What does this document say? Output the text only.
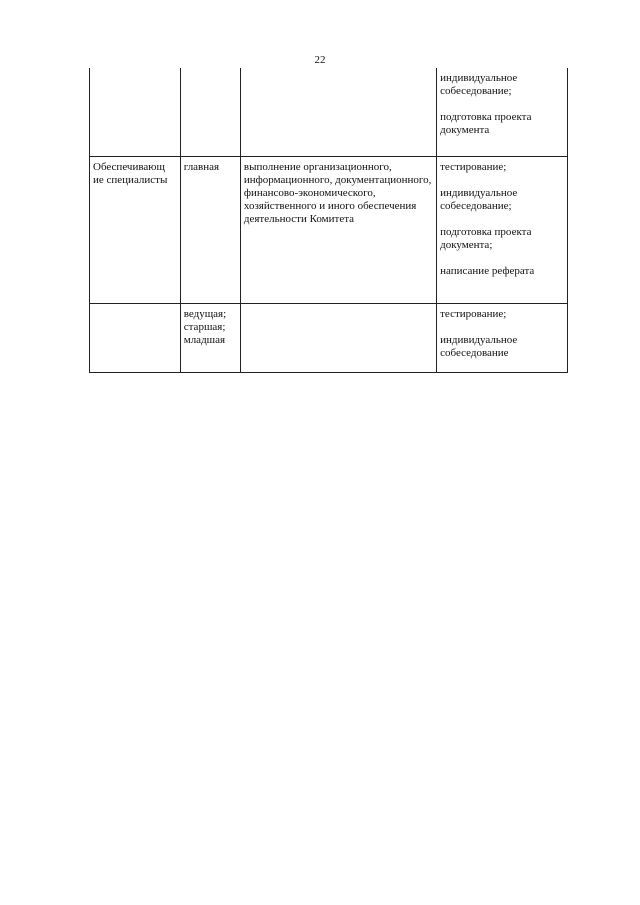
22

			индивидуальное собеседование;
подготовка проекта документа

Обеспечивающ ие специалисты	главная	выполнение организационного, информационного, документационного, финансово-экономического, хозяйственного и иного обеспечения деятельности Комитета	тестирование;
индивидуальное собеседование;
подготовка проекта документа;
написание реферата

	ведущая; старшая; младшая		тестирование;
индивидуальное собеседование
